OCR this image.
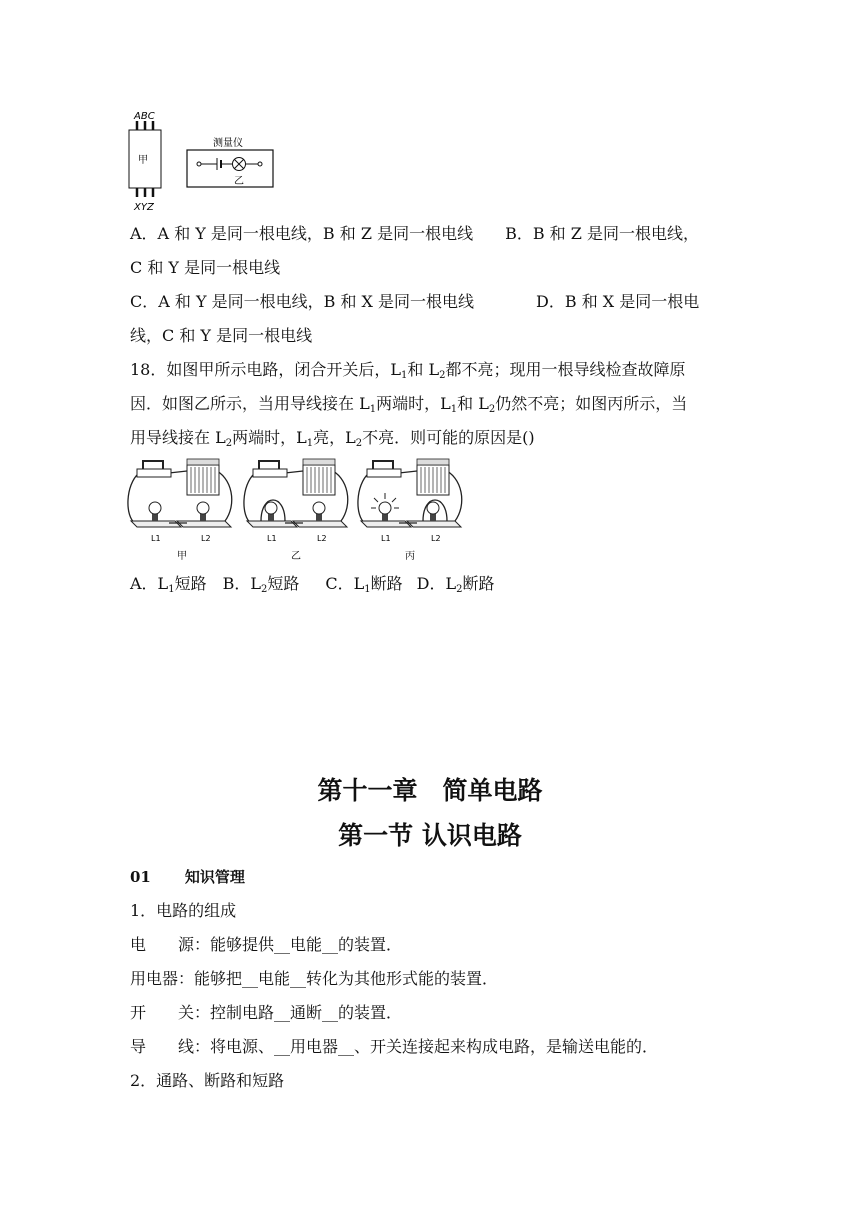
ABC
甲
XYZ
测量仪
乙
A．A 和 Y 是同一根电线，B 和 Z 是同一根电线 B．B 和 Z 是同一根电线，
C 和 Y 是同一根电线
C．A 和 Y 是同一根电线，B 和 X 是同一根电线	D．B 和 X 是同一根电
线，C 和 Y 是同一根电线
18．如图甲所示电路，闭合开关后，$L_1$和 $L_2$都不亮；现用一根导线检查故障原
因．如图乙所示，当用导线接在 $L_1$两端时，$L_1$和 $L_2$仍然不亮；如图丙所示，当
用导线接在 $L_2$两端时，$L_1$亮，$L_2$不亮．则可能的原因是()
L1	L2	L1	L2	L1	L2
甲	乙	丙
A．$L_1$短路 B．$L_2$短路 C．$L_1$断路 D．$L_2$断路
第十一章　简单电路
第一节 认识电路
01 知识管理
1．电路的组成
电　　源：能够提供__电能__的装置．
用电器：能够把__电能__转化为其他形式能的装置．
开　　关：控制电路__通断__的装置．
导　　线：将电源、__用电器__、开关连接起来构成电路，是输送电能的．
2．通路、断路和短路
